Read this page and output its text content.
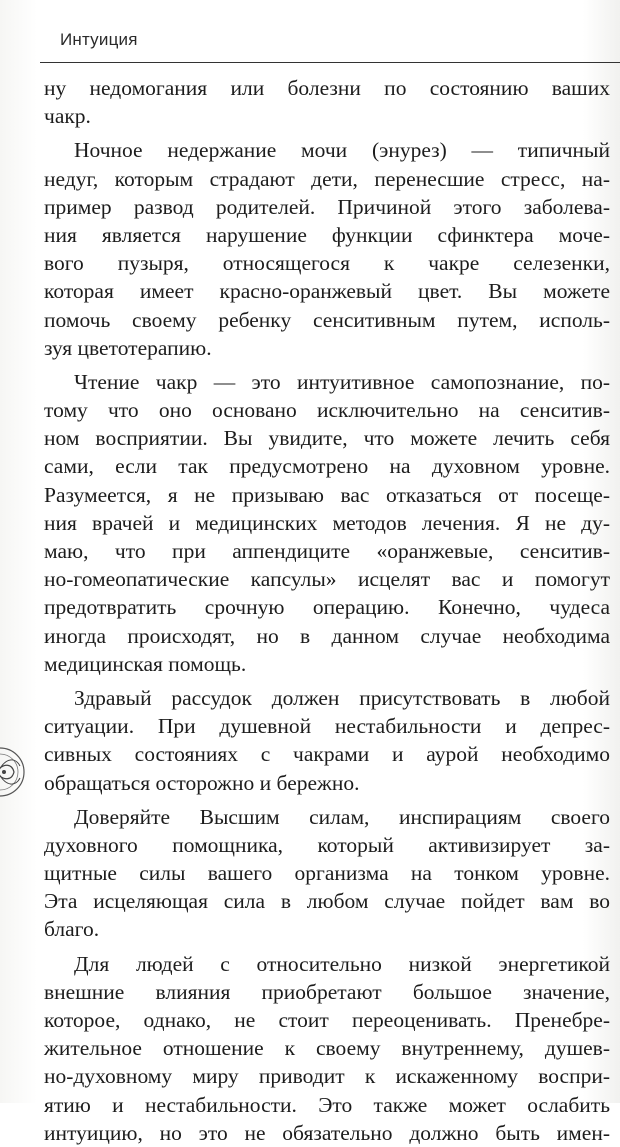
Интуиция
ну недомогания или болезни по состоянию ваших
чакр.
Ночное недержание мочи (энурез) — типичный
недуг, которым страдают дети, перенесшие стресс, на-
пример развод родителей. Причиной этого заболева-
ния является нарушение функции сфинктера моче-
вого пузыря, относящегося к чакре селезенки,
которая имеет красно-оранжевый цвет. Вы можете
помочь своему ребенку сенситивным путем, исполь-
зуя цветотерапию.
Чтение чакр — это интуитивное самопознание, по-
тому что оно основано исключительно на сенситив-
ном восприятии. Вы увидите, что можете лечить себя
сами, если так предусмотрено на духовном уровне.
Разумеется, я не призываю вас отказаться от посеще-
ния врачей и медицинских методов лечения. Я не ду-
маю, что при аппендиците «оранжевые, сенситив-
но-гомеопатические капсулы» исцелят вас и помогут
предотвратить срочную операцию. Конечно, чудеса
иногда происходят, но в данном случае необходима
медицинская помощь.
Здравый рассудок должен присутствовать в любой
ситуации. При душевной нестабильности и депрес-
сивных состояниях с чакрами и аурой необходимо
обращаться осторожно и бережно.
Доверяйте Высшим силам, инспирациям своего
духовного помощника, который активизирует за-
щитные силы вашего организма на тонком уровне.
Эта исцеляющая сила в любом случае пойдет вам во
благо.
Для людей с относительно низкой энергетикой
внешние влияния приобретают большое значение,
которое, однако, не стоит переоценивать. Пренебре-
жительное отношение к своему внутреннему, душев-
но-духовному миру приводит к искаженному воспри-
ятию и нестабильности. Это также может ослабить
интуицию, но это не обязательно должно быть имен-
